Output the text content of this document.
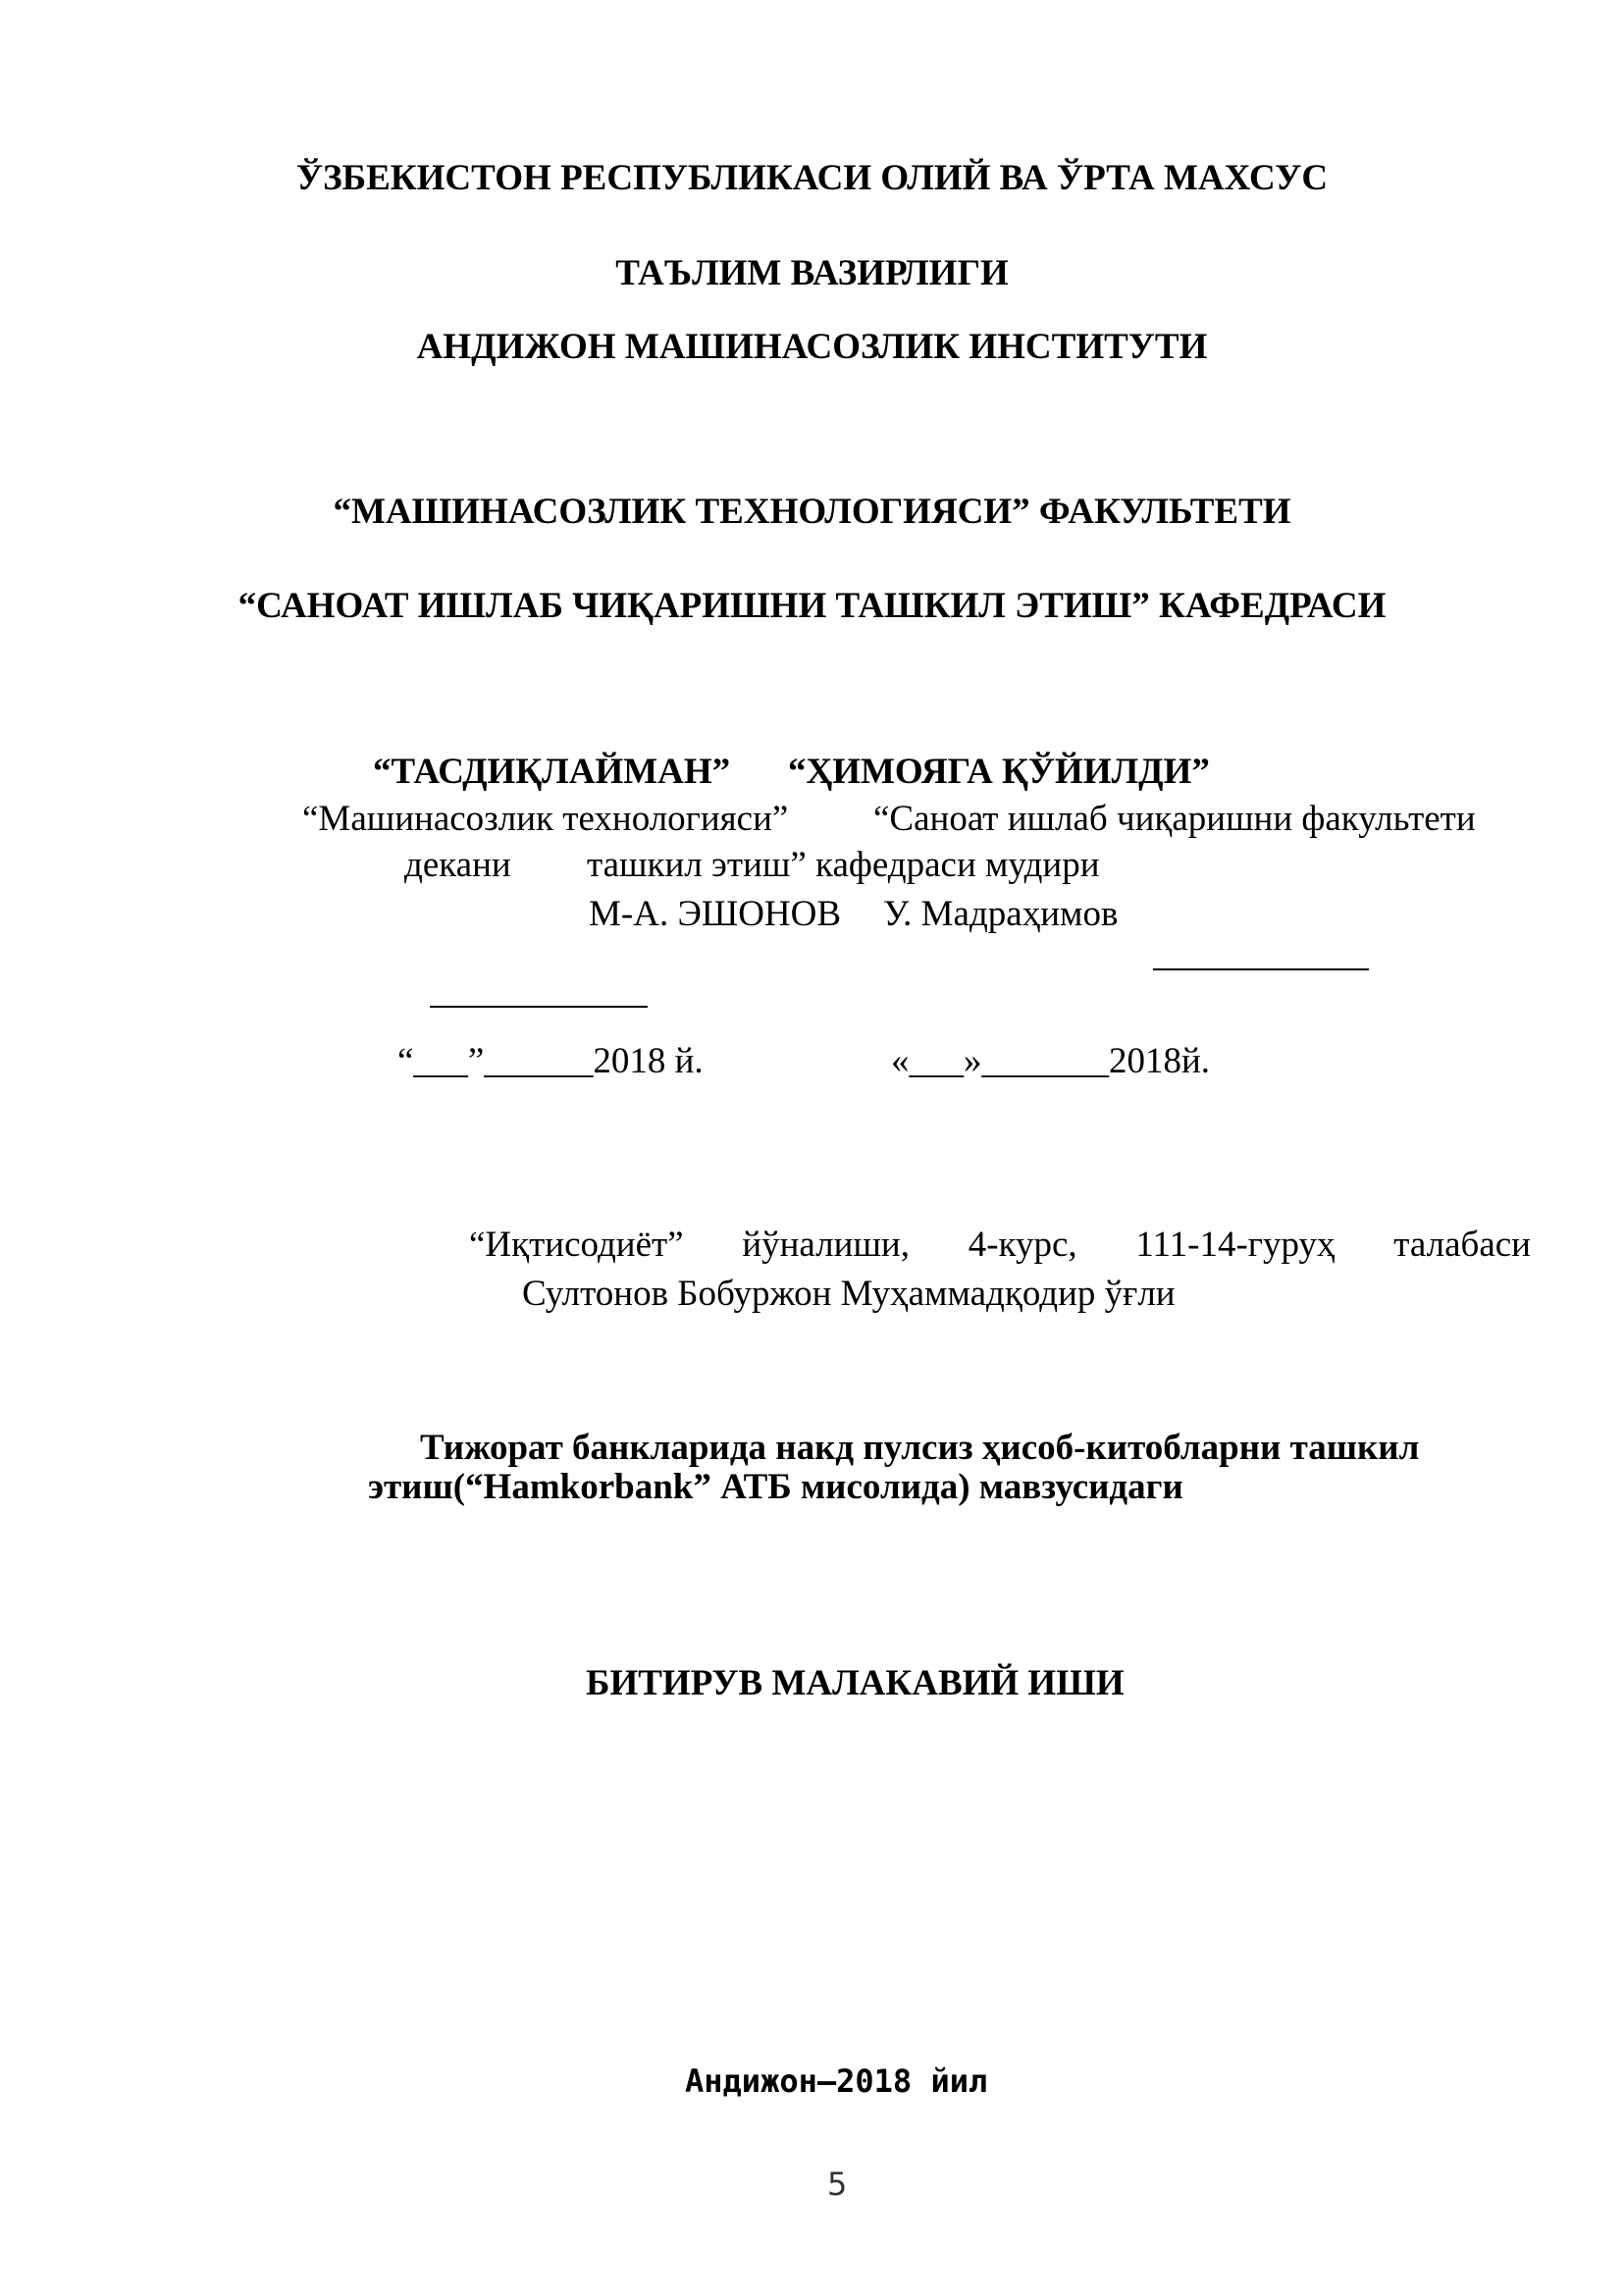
ЎЗБЕКИСТОН РЕСПУБЛИКАСИ ОЛИЙ ВА ЎРТА МАХСУС
ТАЪЛИМ ВАЗИРЛИГИ
АНДИЖОН МАШИНАСОЗЛИК ИНСТИТУТИ
“МАШИНАСОЗЛИК ТЕХНОЛОГИЯСИ” ФАКУЛЬТЕТИ
“САНОАТ ИШЛАБ ЧИҚАРИШНИ ТАШКИЛ ЭТИШ” КАФЕДРАСИ
“ТАСДИҚЛАЙМАН” “ҲИМОЯГА ҚЎЙИЛДИ”
“Машинасозлик технологияси” “Саноат ишлаб чиқаришни факультети
декани ташкил этиш” кафедраси мудири
М-А. ЭШОНОВ У. Мадраҳимов
“___”______2018 й.	«___»_______2018й.
“Иқтисодиёт” йўналиши, 4-курс, 111-14-гуруҳ талабаси
Султонов Бобуржон Муҳаммадқодир ўғли
Тижорат банкларида накд пулсиз ҳисоб-китобларни ташкил
этиш(“Hamkorbank” АТБ мисолида) мавзусидаги
БИТИРУВ МАЛАКАВИЙ ИШИ
Андижон–2018 йил
5
